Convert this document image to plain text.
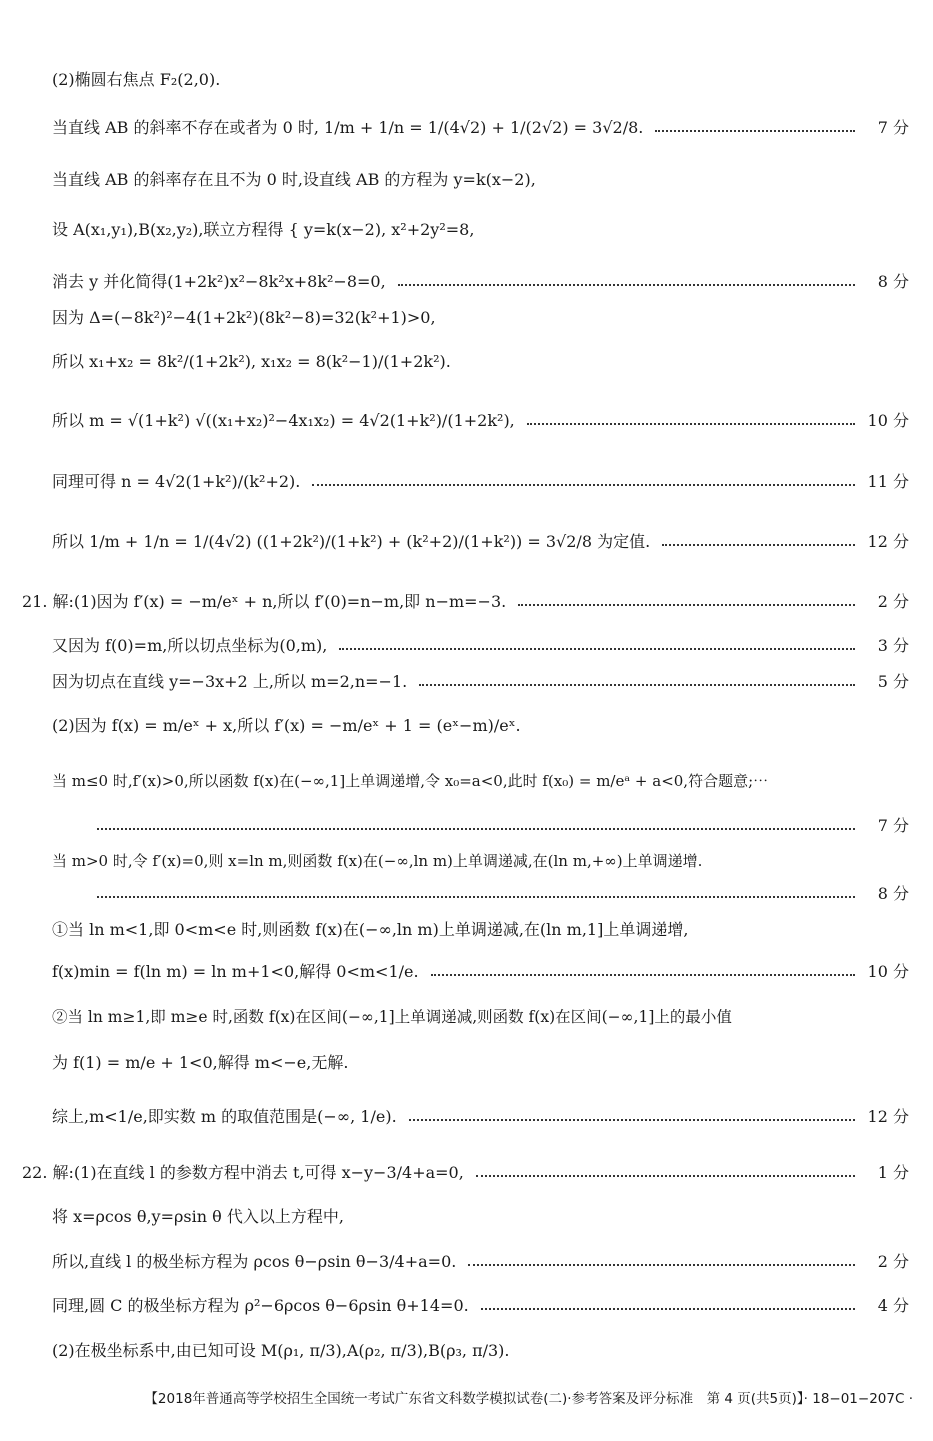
(2)椭圆右焦点 F₂(2,0).
当直线 AB 的斜率不存在或者为 0 时, 1/m + 1/n = 1/(4√2) + 1/(2√2) = 3√2/8.	7 分
当直线 AB 的斜率存在且不为 0 时,设直线 AB 的方程为 y=k(x−2),
设 A(x₁,y₁),B(x₂,y₂),联立方程得 { y=k(x−2), x²+2y²=8,
消去 y 并化简得(1+2k²)x²−8k²x+8k²−8=0,	8 分
因为 Δ=(−8k²)²−4(1+2k²)(8k²−8)=32(k²+1)>0,
所以 x₁+x₂ = 8k²/(1+2k²), x₁x₂ = 8(k²−1)/(1+2k²).
所以 m = √(1+k²) √((x₁+x₂)²−4x₁x₂) = 4√2(1+k²)/(1+2k²),	10 分
同理可得 n = 4√2(1+k²)/(k²+2).	11 分
所以 1/m + 1/n = 1/(4√2) ((1+2k²)/(1+k²) + (k²+2)/(1+k²)) = 3√2/8 为定值.	12 分
21. 解:(1)因为 f′(x) = −m/eˣ + n,所以 f′(0)=n−m,即 n−m=−3.	2 分
又因为 f(0)=m,所以切点坐标为(0,m),	3 分
因为切点在直线 y=−3x+2 上,所以 m=2,n=−1.	5 分
(2)因为 f(x) = m/eˣ + x,所以 f′(x) = −m/eˣ + 1 = (eˣ−m)/eˣ.
当 m≤0 时,f′(x)>0,所以函数 f(x)在(−∞,1]上单调递增,令 x₀=a<0,此时 f(x₀) = m/eᵃ + a<0,符合题意;⋯
7 分
当 m>0 时,令 f′(x)=0,则 x=ln m,则函数 f(x)在(−∞,ln m)上单调递减,在(ln m,+∞)上单调递增.
8 分
①当 ln m<1,即 0<m<e 时,则函数 f(x)在(−∞,ln m)上单调递减,在(ln m,1]上单调递增,
f(x)min = f(ln m) = ln m+1<0,解得 0<m<1/e.	10 分
②当 ln m≥1,即 m≥e 时,函数 f(x)在区间(−∞,1]上单调递减,则函数 f(x)在区间(−∞,1]上的最小值
为 f(1) = m/e + 1<0,解得 m<−e,无解.
综上,m<1/e,即实数 m 的取值范围是(−∞, 1/e).	12 分
22. 解:(1)在直线 l 的参数方程中消去 t,可得 x−y−3/4+a=0,	1 分
将 x=ρcos θ,y=ρsin θ 代入以上方程中,
所以,直线 l 的极坐标方程为 ρcos θ−ρsin θ−3/4+a=0.	2 分
同理,圆 C 的极坐标方程为 ρ²−6ρcos θ−6ρsin θ+14=0.	4 分
(2)在极坐标系中,由已知可设 M(ρ₁, π/3),A(ρ₂, π/3),B(ρ₃, π/3).
【2018年普通高等学校招生全国统一考试广东省文科数学模拟试卷(二)·参考答案及评分标准　第 4 页(共5页)】· 18−01−207C ·
